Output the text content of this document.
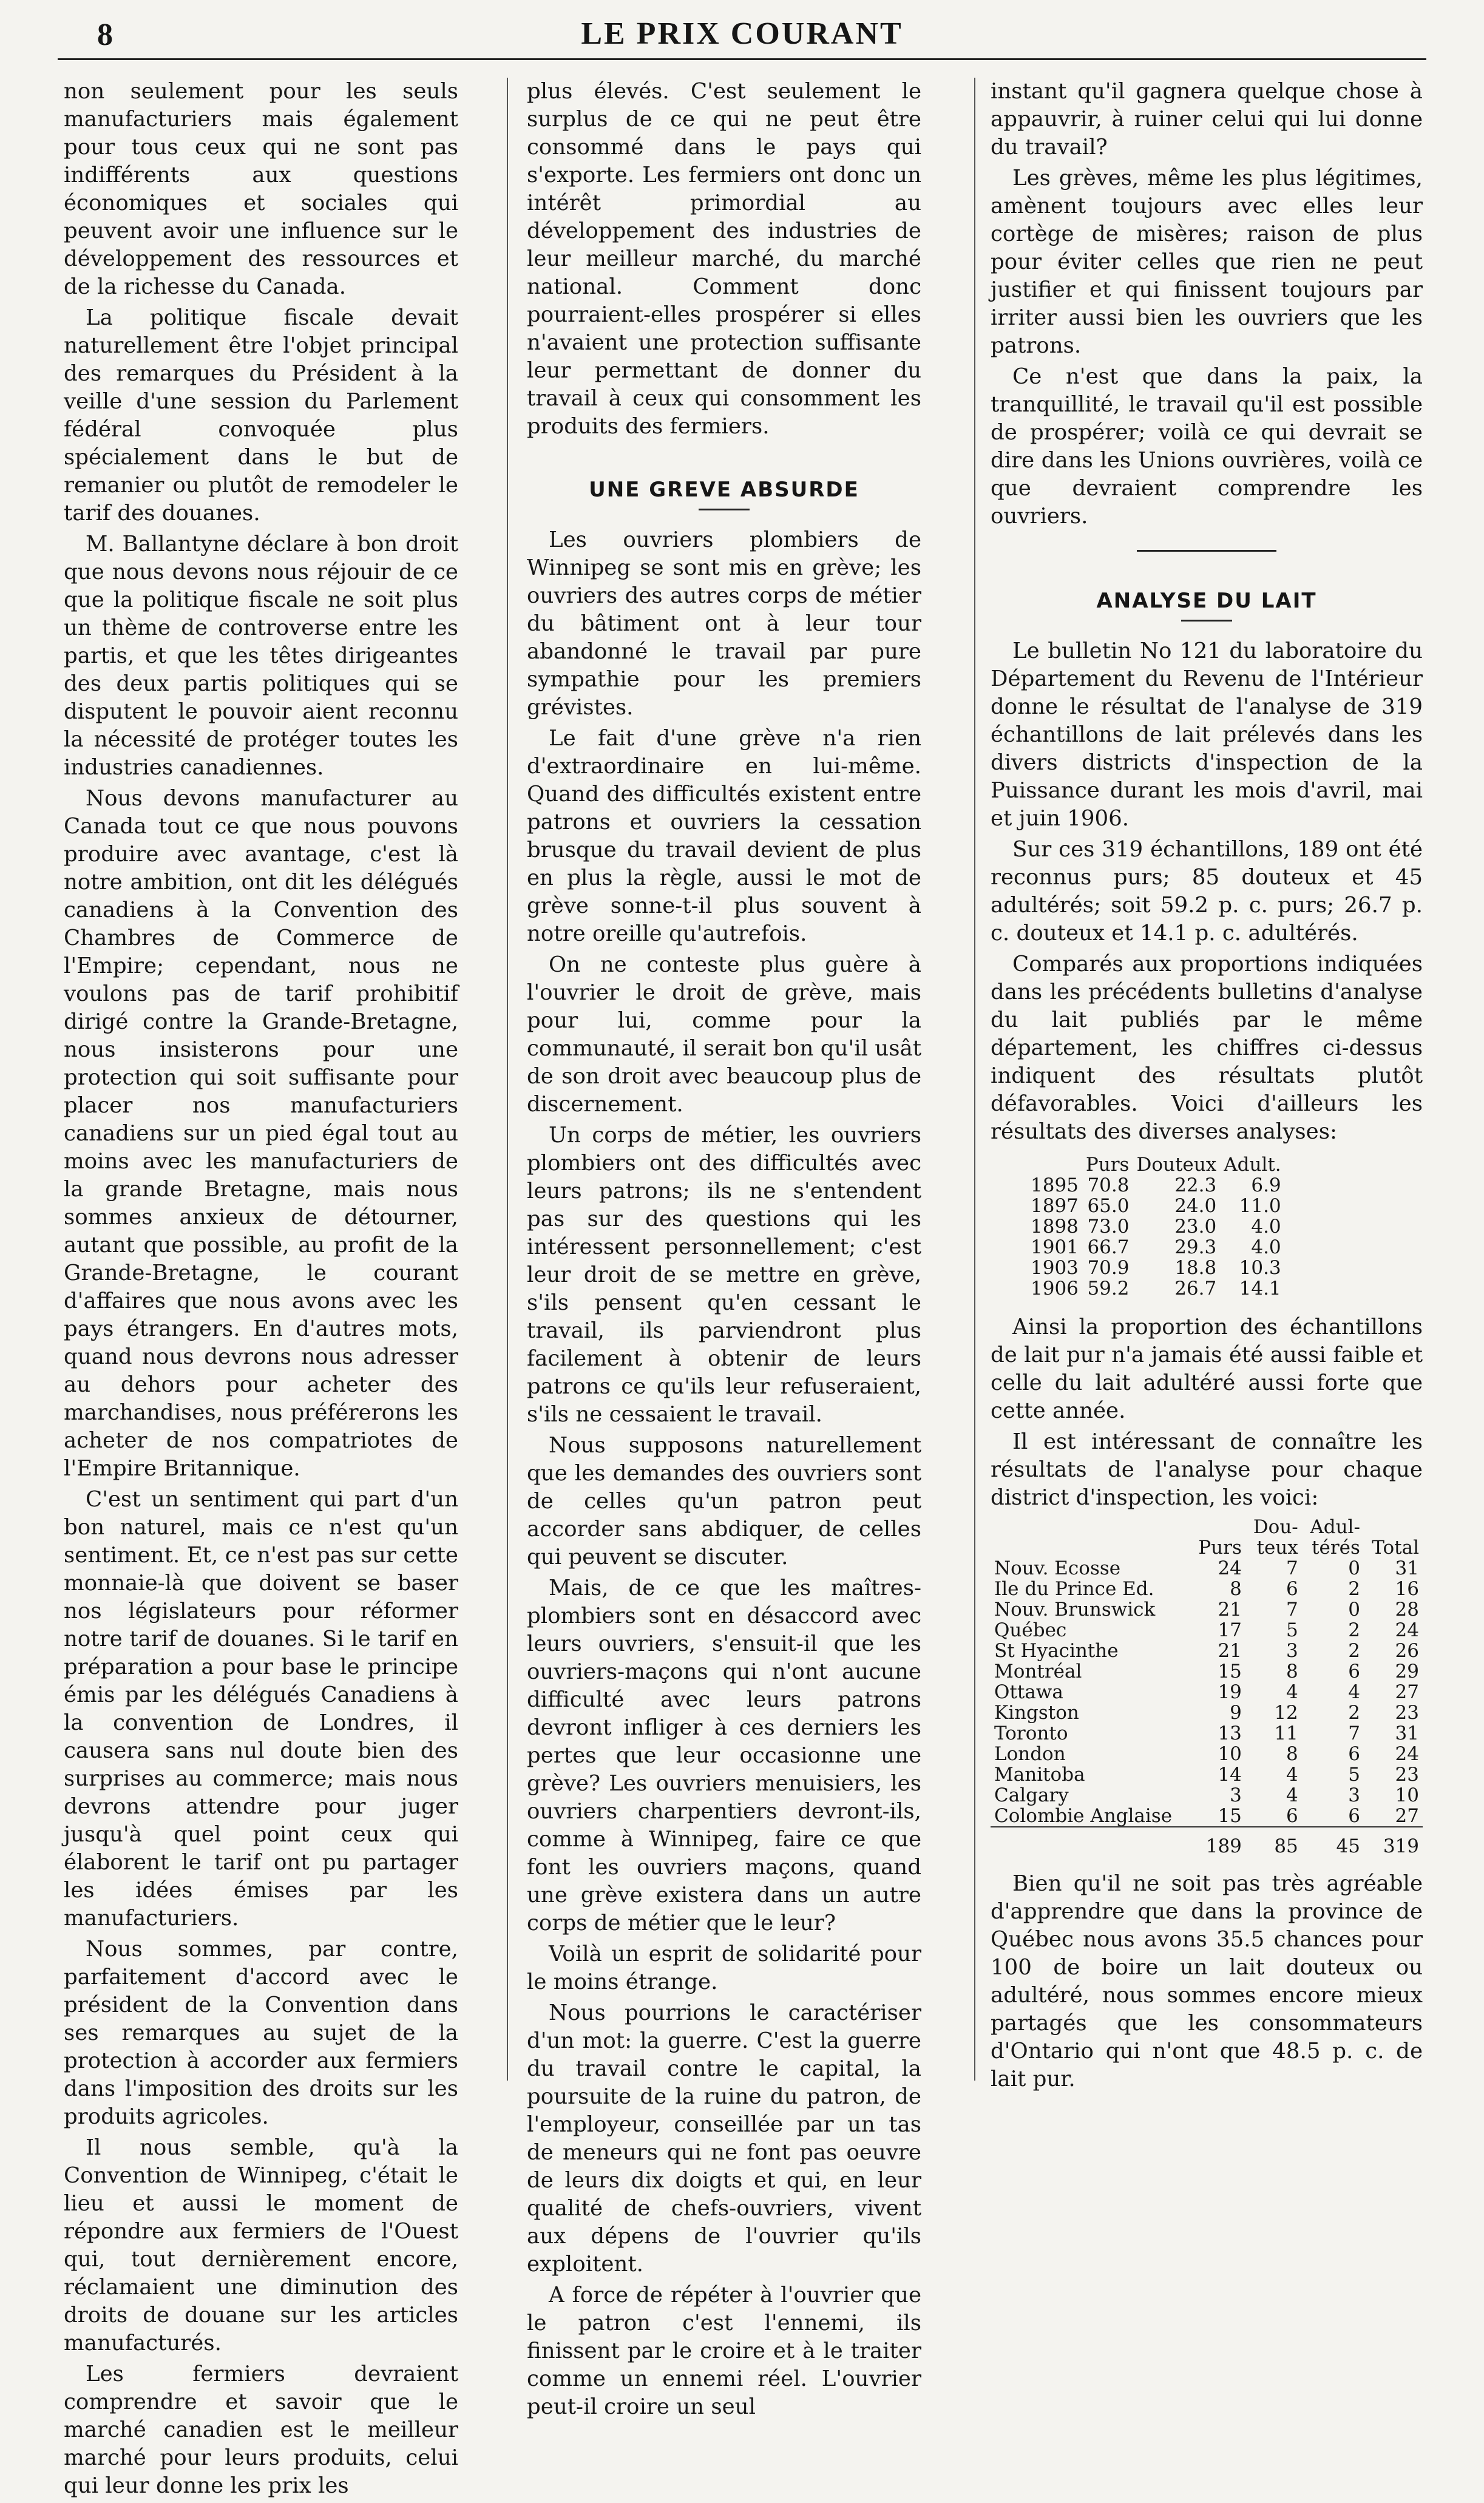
8	LE PRIX COURANT

non seulement pour les seuls manufacturiers mais également pour tous ceux qui ne sont pas indifférents aux questions économiques et sociales qui peuvent avoir une influence sur le développement des ressources et de la richesse du Canada.

La politique fiscale devait naturellement être l'objet principal des remarques du Président à la veille d'une session du Parlement fédéral convoquée plus spécialement dans le but de remanier ou plutôt de remodeler le tarif des douanes.

M. Ballantyne déclare à bon droit que nous devons nous réjouir de ce que la politique fiscale ne soit plus un thème de controverse entre les partis, et que les têtes dirigeantes des deux partis politiques qui se disputent le pouvoir aient reconnu la nécessité de protéger toutes les industries canadiennes.

Nous devons manufacturer au Canada tout ce que nous pouvons produire avec avantage, c'est là notre ambition, ont dit les délégués canadiens à la Convention des Chambres de Commerce de l'Empire; cependant, nous ne voulons pas de tarif prohibitif dirigé contre la Grande-Bretagne, nous insisterons pour une protection qui soit suffisante pour placer nos manufacturiers canadiens sur un pied égal tout au moins avec les manufacturiers de la grande Bretagne, mais nous sommes anxieux de détourner, autant que possible, au profit de la Grande-Bretagne, le courant d'affaires que nous avons avec les pays étrangers. En d'autres mots, quand nous devrons nous adresser au dehors pour acheter des marchandises, nous préférerons les acheter de nos compatriotes de l'Empire Britannique.

C'est un sentiment qui part d'un bon naturel, mais ce n'est qu'un sentiment. Et, ce n'est pas sur cette monnaie-là que doivent se baser nos législateurs pour réformer notre tarif de douanes. Si le tarif en préparation a pour base le principe émis par les délégués Canadiens à la convention de Londres, il causera sans nul doute bien des surprises au commerce; mais nous devrons attendre pour juger jusqu'à quel point ceux qui élaborent le tarif ont pu partager les idées émises par les manufacturiers.

Nous sommes, par contre, parfaitement d'accord avec le président de la Convention dans ses remarques au sujet de la protection à accorder aux fermiers dans l'imposition des droits sur les produits agricoles.

Il nous semble, qu'à la Convention de Winnipeg, c'était le lieu et aussi le moment de répondre aux fermiers de l'Ouest qui, tout dernièrement encore, réclamaient une diminution des droits de douane sur les articles manufacturés.

Les fermiers devraient comprendre et savoir que le marché canadien est le meilleur marché pour leurs produits, celui qui leur donne les prix les

plus élevés. C'est seulement le surplus de ce qui ne peut être consommé dans le pays qui s'exporte. Les fermiers ont donc un intérêt primordial au développement des industries de leur meilleur marché, du marché national. Comment donc pourraient-elles prospérer si elles n'avaient une protection suffisante leur permettant de donner du travail à ceux qui consomment les produits des fermiers.

UNE GREVE ABSURDE

Les ouvriers plombiers de Winnipeg se sont mis en grève; les ouvriers des autres corps de métier du bâtiment ont à leur tour abandonné le travail par pure sympathie pour les premiers grévistes.

Le fait d'une grève n'a rien d'extraordinaire en lui-même. Quand des difficultés existent entre patrons et ouvriers la cessation brusque du travail devient de plus en plus la règle, aussi le mot de grève sonne-t-il plus souvent à notre oreille qu'autrefois.

On ne conteste plus guère à l'ouvrier le droit de grève, mais pour lui, comme pour la communauté, il serait bon qu'il usât de son droit avec beaucoup plus de discernement.

Un corps de métier, les ouvriers plombiers ont des difficultés avec leurs patrons; ils ne s'entendent pas sur des questions qui les intéressent personnellement; c'est leur droit de se mettre en grève, s'ils pensent qu'en cessant le travail, ils parviendront plus facilement à obtenir de leurs patrons ce qu'ils leur refuseraient, s'ils ne cessaient le travail.

Nous supposons naturellement que les demandes des ouvriers sont de celles qu'un patron peut accorder sans abdiquer, de celles qui peuvent se discuter.

Mais, de ce que les maîtres-plombiers sont en désaccord avec leurs ouvriers, s'ensuit-il que les ouvriers-maçons qui n'ont aucune difficulté avec leurs patrons devront infliger à ces derniers les pertes que leur occasionne une grève? Les ouvriers menuisiers, les ouvriers charpentiers devront-ils, comme à Winnipeg, faire ce que font les ouvriers maçons, quand une grève existera dans un autre corps de métier que le leur?

Voilà un esprit de solidarité pour le moins étrange.

Nous pourrions le caractériser d'un mot: la guerre. C'est la guerre du travail contre le capital, la poursuite de la ruine du patron, de l'employeur, conseillée par un tas de meneurs qui ne font pas oeuvre de leurs dix doigts et qui, en leur qualité de chefs-ouvriers, vivent aux dépens de l'ouvrier qu'ils exploitent.

A force de répéter à l'ouvrier que le patron c'est l'ennemi, ils finissent par le croire et à le traiter comme un ennemi réel. L'ouvrier peut-il croire un seul

instant qu'il gagnera quelque chose à appauvrir, à ruiner celui qui lui donne du travail?

Les grèves, même les plus légitimes, amènent toujours avec elles leur cortège de misères; raison de plus pour éviter celles que rien ne peut justifier et qui finissent toujours par irriter aussi bien les ouvriers que les patrons.

Ce n'est que dans la paix, la tranquillité, le travail qu'il est possible de prospérer; voilà ce qui devrait se dire dans les Unions ouvrières, voilà ce que devraient comprendre les ouvriers.

ANALYSE DU LAIT

Le bulletin No 121 du laboratoire du Département du Revenu de l'Intérieur donne le résultat de l'analyse de 319 échantillons de lait prélevés dans les divers districts d'inspection de la Puissance durant les mois d'avril, mai et juin 1906.

Sur ces 319 échantillons, 189 ont été reconnus purs; 85 douteux et 45 adultérés; soit 59.2 p. c. purs; 26.7 p. c. douteux et 14.1 p. c. adultérés.

Comparés aux proportions indiquées dans les précédents bulletins d'analyse du lait publiés par le même département, les chiffres ci-dessus indiquent des résultats plutôt défavorables. Voici d'ailleurs les résultats des diverses analyses:

	Purs	Douteux	Adult.
1895	70.8	22.3	6.9
1897	65.0	24.0	11.0
1898	73.0	23.0	4.0
1901	66.7	29.3	4.0
1903	70.9	18.8	10.3
1906	59.2	26.7	14.1

Ainsi la proportion des échantillons de lait pur n'a jamais été aussi faible et celle du lait adultéré aussi forte que cette année.

Il est intéressant de connaître les résultats de l'analyse pour chaque district d'inspection, les voici:

		Dou-	Adul-	
	Purs	teux	térés	Total
Nouv. Ecosse	24	7	0	31
Ile du Prince Ed.	8	6	2	16
Nouv. Brunswick	21	7	0	28
Québec	17	5	2	24
St Hyacinthe	21	3	2	26
Montréal	15	8	6	29
Ottawa	19	4	4	27
Kingston	9	12	2	23
Toronto	13	11	7	31
London	10	8	6	24
Manitoba	14	4	5	23
Calgary	3	4	3	10
Colombie Anglaise	15	6	6	27

	189	85	45	319

Bien qu'il ne soit pas très agréable d'apprendre que dans la province de Québec nous avons 35.5 chances pour 100 de boire un lait douteux ou adultéré, nous sommes encore mieux partagés que les consommateurs d'Ontario qui n'ont que 48.5 p. c. de lait pur.
